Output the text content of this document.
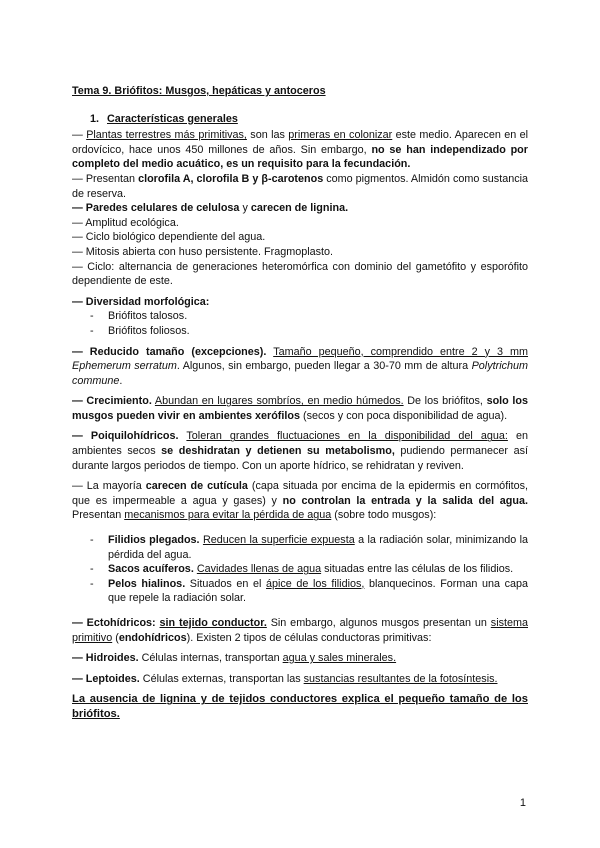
Tema 9. Briófitos: Musgos, hepáticas y antoceros

1. Características generales

— Plantas terrestres más primitivas, son las primeras en colonizar este medio. Aparecen en el ordovícico, hace unos 450 millones de años. Sin embargo, no se han independizado por completo del medio acuático, es un requisito para la fecundación.

— Presentan clorofila A, clorofila B y β-carotenos como pigmentos. Almidón como sustancia de reserva.

— Paredes celulares de celulosa y carecen de lignina.

— Amplitud ecológica.

— Ciclo biológico dependiente del agua.

— Mitosis abierta con huso persistente. Fragmoplasto.

— Ciclo: alternancia de generaciones heteromórfica con dominio del gametófito y esporófito dependiente de este.

— Diversidad morfológica:

- Briófitos talosos.
- Briófitos foliosos.

— Reducido tamaño (excepciones). Tamaño pequeño, comprendido entre 2 y 3 mm Ephemerum serratum. Algunos, sin embargo, pueden llegar a 30-70 mm de altura Polytrichum commune.

— Crecimiento. Abundan en lugares sombríos, en medio húmedos. De los briófitos, solo los musgos pueden vivir en ambientes xerófilos (secos y con poca disponibilidad de agua).

— Poiquilohídricos. Toleran grandes fluctuaciones en la disponibilidad del agua: en ambientes secos se deshidratan y detienen su metabolismo, pudiendo permanecer así durante largos periodos de tiempo. Con un aporte hídrico, se rehidratan y reviven.

— La mayoría carecen de cutícula (capa situada por encima de la epidermis en cormófitos, que es impermeable a agua y gases) y no controlan la entrada y la salida del agua. Presentan mecanismos para evitar la pérdida de agua (sobre todo musgos):

- Filidios plegados. Reducen la superficie expuesta a la radiación solar, minimizando la pérdida del agua.
- Sacos acuíferos. Cavidades llenas de agua situadas entre las células de los filidios.
- Pelos hialinos. Situados en el ápice de los filidios, blanquecinos. Forman una capa que repele la radiación solar.

— Ectohídricos: sin tejido conductor. Sin embargo, algunos musgos presentan un sistema primitivo (endohídricos). Existen 2 tipos de células conductoras primitivas:

— Hidroides. Células internas, transportan agua y sales minerales.

— Leptoides. Células externas, transportan las sustancias resultantes de la fotosíntesis.

La ausencia de lignina y de tejidos conductores explica el pequeño tamaño de los briófitos.

1
